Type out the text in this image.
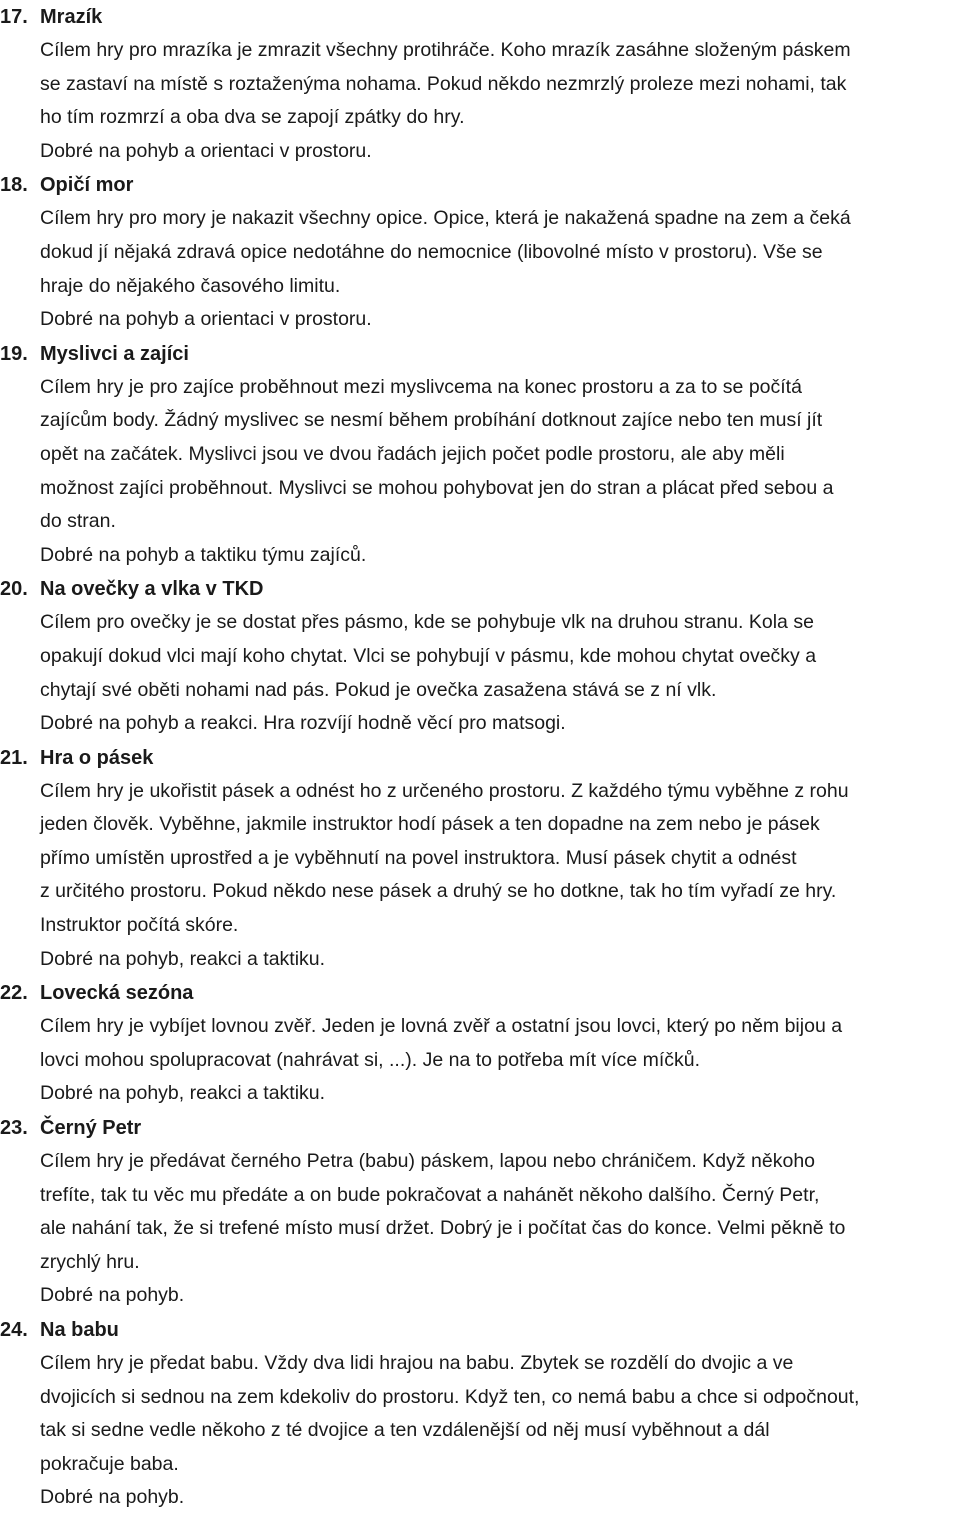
17. Mrazík
Cílem hry pro mrazíka je zmrazit všechny protihráče. Koho mrazík zasáhne složeným páskem
se zastaví na místě s roztaženýma nohama. Pokud někdo nezmrzlý proleze mezi nohami, tak
ho tím rozmrzí a oba dva se zapojí zpátky do hry.
Dobré na pohyb a orientaci v prostoru.
18. Opičí mor
Cílem hry pro mory je nakazit všechny opice. Opice, která je nakažená spadne na zem a čeká
dokud jí nějaká zdravá opice nedotáhne do nemocnice (libovolné místo v prostoru). Vše se
hraje do nějakého časového limitu.
Dobré na pohyb a orientaci v prostoru.
19. Myslivci a zajíci
Cílem hry je pro zajíce proběhnout mezi myslivcema na konec prostoru a za to se počítá
zajícům body. Žádný myslivec se nesmí během probíhání dotknout zajíce nebo ten musí jít
opět na začátek. Myslivci jsou ve dvou řadách jejich počet podle prostoru, ale aby měli
možnost zajíci proběhnout. Myslivci se mohou pohybovat jen do stran a plácat před sebou a
do stran.
Dobré na pohyb a taktiku týmu zajíců.
20. Na ovečky a vlka v TKD
Cílem pro ovečky je se dostat přes pásmo, kde se pohybuje vlk na druhou stranu. Kola se
opakují dokud vlci mají koho chytat. Vlci se pohybují v pásmu, kde mohou chytat ovečky a
chytají své oběti nohami nad pás. Pokud je ovečka zasažena stává se z ní vlk.
Dobré na pohyb a reakci. Hra rozvíjí hodně věcí pro matsogi.
21. Hra o pásek
Cílem hry je ukořistit pásek a odnést ho z určeného prostoru. Z každého týmu vyběhne z rohu
jeden člověk. Vyběhne, jakmile instruktor hodí pásek a ten dopadne na zem nebo je pásek
přímo umístěn uprostřed a je vyběhnutí na povel instruktora. Musí pásek chytit a odnést
z určitého prostoru. Pokud někdo nese pásek a druhý se ho dotkne, tak ho tím vyřadí ze hry.
Instruktor počítá skóre.
Dobré na pohyb, reakci a taktiku.
22. Lovecká sezóna
Cílem hry je vybíjet lovnou zvěř. Jeden je lovná zvěř a ostatní jsou lovci, který po něm bijou a
lovci mohou spolupracovat (nahrávat si, ...). Je na to potřeba mít více míčků.
Dobré na pohyb, reakci a taktiku.
23. Černý Petr
Cílem hry je předávat černého Petra (babu) páskem, lapou nebo chráničem. Když někoho
trefíte, tak tu věc mu předáte a on bude pokračovat a nahánět někoho dalšího. Černý Petr,
ale nahání tak, že si trefené místo musí držet. Dobrý je i počítat čas do konce. Velmi pěkně to
zrychlý hru.
Dobré na pohyb.
24. Na babu
Cílem hry je předat babu. Vždy dva lidi hrajou na babu. Zbytek se rozdělí do dvojic a ve
dvojicích si sednou na zem kdekoliv do prostoru. Když ten, co nemá babu a chce si odpočnout,
tak si sedne vedle někoho z té dvojice a ten vzdálenější od něj musí vyběhnout a dál
pokračuje baba.
Dobré na pohyb.
